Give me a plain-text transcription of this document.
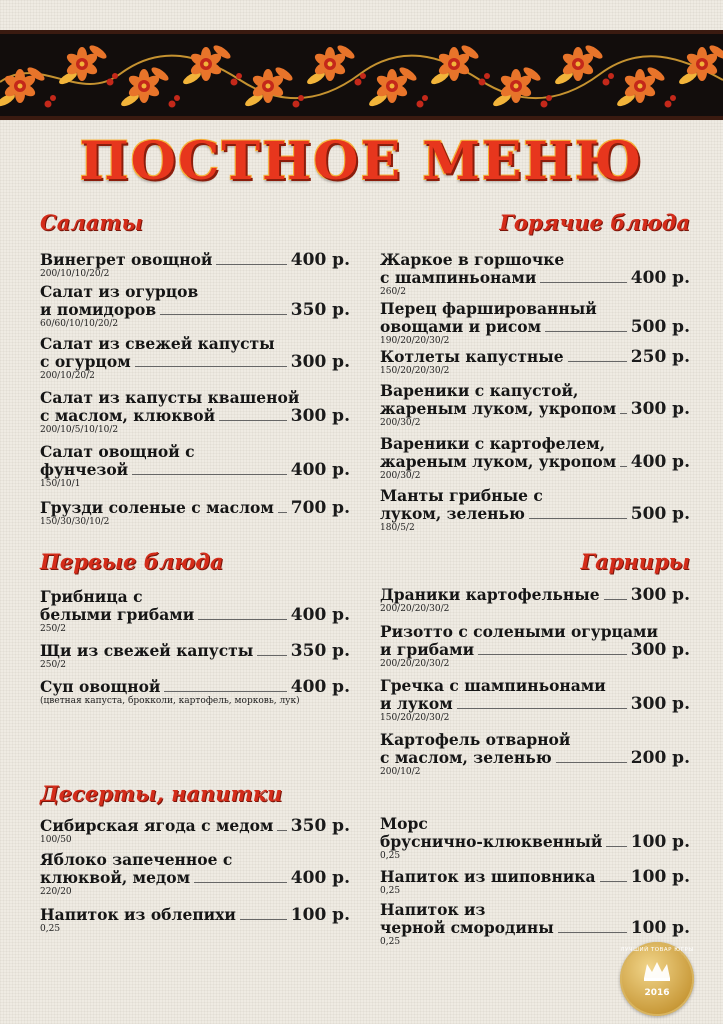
ПОСТНОЕ МЕНЮ
Салаты	Горячие блюда
Первые блюда	Гарниры
Десерты, напитки
Винегрет овощной	400 р.
200/10/10/20/2
Салат из огурцов
и помидоров	350 р.
60/60/10/10/20/2
Салат из свежей капусты
с огурцом	300 р.
200/10/20/2
Салат из капусты квашеной
с маслом, клюквой	300 р.
200/10/5/10/10/2
Салат овощной с
фунчезой	400 р.
150/10/1
Грузди соленые с маслом 700 р.
150/30/30/10/2
Жаркое в горшочке
с шампиньонами	400 р.
260/2
Перец фаршированный
овощами и рисом	500 р.
190/20/20/30/2
Котлеты капустные	250 р.
150/20/20/30/2
Вареники с капустой,
жареным луком, укропом 300 р.
200/30/2
Вареники с картофелем,
жареным луком, укропом 400 р.
200/30/2
Манты грибные с
луком, зеленью	500 р.
180/5/2
Грибница с
белыми грибами	400 р.
250/2
Щи из свежей капусты 350 р.
250/2
Суп овощной	400 р.
(цветная капуста, брокколи, картофель, морковь, лук)
Драники картофельные 300 р.
200/20/20/30/2
Ризотто с солеными огурцами
и грибами	300 р.
200/20/20/30/2
Гречка с шампиньонами
и луком	300 р.
150/20/20/30/2
Картофель отварной
с маслом, зеленью	200 р.
200/10/2
Сибирская ягода с медом 350 р.
100/50
Яблоко запеченное с
клюквой, медом	400 р.
220/20
Напиток из облепихи	100 р.
0,25
Морс
бруснично-клюквенный 100 р.
0,25
Напиток из шиповника 100 р.
0,25
Напиток из
черной смородины	100 р.
0,25
ЛУЧШИЙ ТОВАР ЮГРЫ
2016
